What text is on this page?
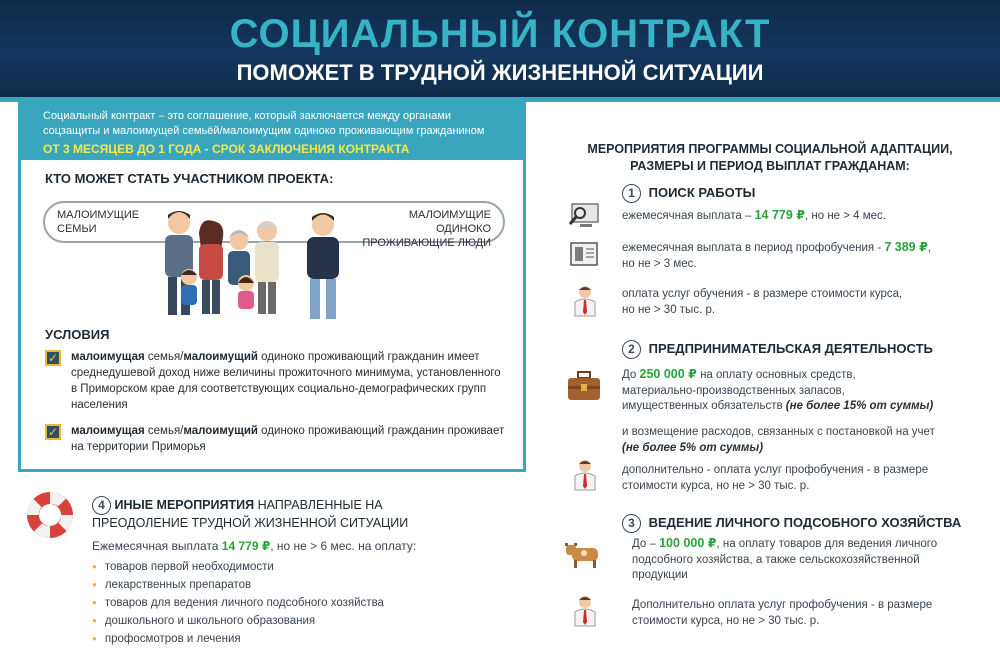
СОЦИАЛЬНЫЙ КОНТРАКТ
ПОМОЖЕТ В ТРУДНОЙ ЖИЗНЕННОЙ СИТУАЦИИ

Социальный контракт – это соглашение, который заключается между органами

соцзащиты и малоимущей семьёй/малоимущим одиноко проживающим гражданином

ОТ 3 МЕСЯЦЕВ ДО 1 ГОДА - СРОК ЗАКЛЮЧЕНИЯ КОНТРАКТА

КТО МОЖЕТ СТАТЬ УЧАСТНИКОМ ПРОЕКТА:
МАЛОИМУЩИЕ
СЕМЬИ
МАЛОИМУЩИЕ ОДИНОКО
ПРОЖИВАЮЩИЕ ЛЮДИ
УСЛОВИЯ
✓ малоимущая семья/малоимущий одиноко проживающий гражданин имеет среднедушевой доход ниже величины прожиточного минимума, установленного в Приморском крае для соответствующих социально-демографических групп населения
✓ малоимущая семья/малоимущий одиноко проживающий гражданин проживает на территории Приморья
4 ИНЫЕ МЕРОПРИЯТИЯ НАПРАВЛЕННЫЕ НА
ПРЕОДОЛЕНИЕ ТРУДНОЙ ЖИЗНЕННОЙ СИТУАЦИИ
Ежемесячная выплата 14 779 ₽, но не > 6 мес. на оплату:
● товаров первой необходимости
● лекарственных препаратов
● товаров для ведения личного подсобного хозяйства
● дошкольного и школьного образования
● профосмотров и лечения
МЕРОПРИЯТИЯ ПРОГРАММЫ СОЦИАЛЬНОЙ АДАПТАЦИИ,
РАЗМЕРЫ И ПЕРИОД ВЫПЛАТ ГРАЖДАНАМ:
1 ПОИСК РАБОТЫ
ежемесячная выплата – 14 779 ₽, но не > 4 мес.
ежемесячная выплата в период профобучения - 7 389 ₽,
но не > 3 мес.
оплата услуг обучения - в размере стоимости курса,
но не > 30 тыс. р.
2 ПРЕДПРИНИМАТЕЛЬСКАЯ ДЕЯТЕЛЬНОСТЬ
До 250 000 ₽ на оплату основных средств,
материально-производственных запасов,
имущественных обязательств (не более 15% от суммы)
и возмещение расходов, связанных с постановкой на учет
(не более 5% от суммы)
дополнительно - оплата услуг профобучения - в размере
стоимости курса, но не > 30 тыс. р.
3 ВЕДЕНИЕ ЛИЧНОГО ПОДСОБНОГО ХОЗЯЙСТВА
До – 100 000 ₽, на оплату товаров для ведения личного
подсобного хозяйства, а также сельскохозяйственной
продукции
Дополнительно оплата услуг профобучения - в размере
стоимости курса, но не > 30 тыс. р.
